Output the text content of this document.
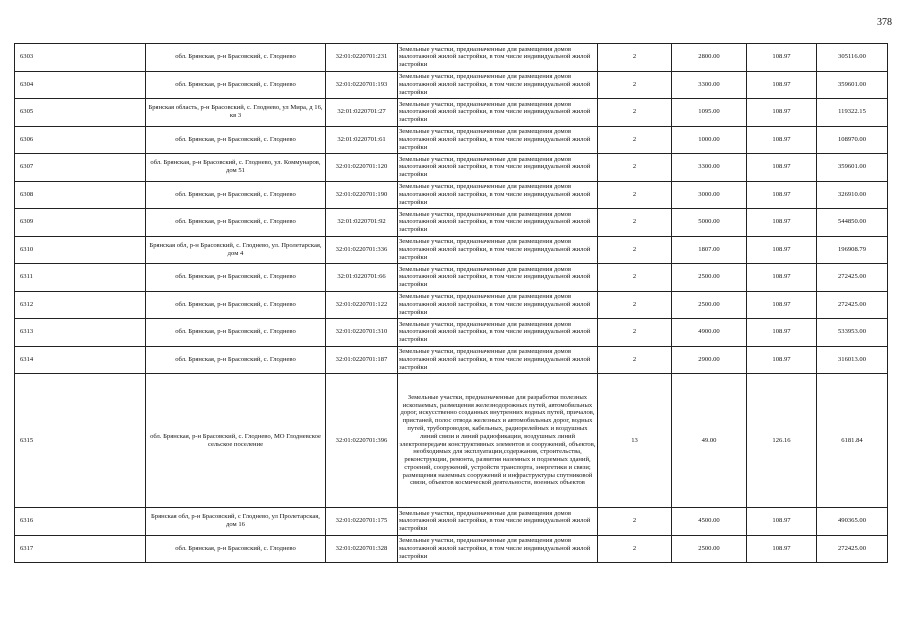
378
6303	обл. Брянская, р-н Брасовский, с. Глоднево	32:01:0220701:231	Земельные участки, предназначенные для размещения домов малоэтажной жилой застройки, в том числе индивидуальной жилой застройки	2	2800.00	108.97	305116.00
6304	обл. Брянская, р-н Брасовский, с. Глоднево	32:01:0220701:193	Земельные участки, предназначенные для размещения домов малоэтажной жилой застройки, в том числе индивидуальной жилой застройки	2	3300.00	108.97	359601.00
6305	Брянская область, р-н Брасовский, с. Глоднево, ул Мира, д 16, кв 3	32:01:0220701:27	Земельные участки, предназначенные для размещения домов малоэтажной жилой застройки, в том числе индивидуальной жилой застройки	2	1095.00	108.97	119322.15
6306	обл. Брянская, р-н Брасовский, с. Глоднево	32:01:0220701:61	Земельные участки, предназначенные для размещения домов малоэтажной жилой застройки, в том числе индивидуальной жилой застройки	2	1000.00	108.97	108970.00
6307	обл. Брянская, р-н Брасовский, с. Глоднево, ул. Коммунаров, дом 51	32:01:0220701:120	Земельные участки, предназначенные для размещения домов малоэтажной жилой застройки, в том числе индивидуальной жилой застройки	2	3300.00	108.97	359601.00
6308	обл. Брянская, р-н Брасовский, с. Глоднево	32:01:0220701:190	Земельные участки, предназначенные для размещения домов малоэтажной жилой застройки, в том числе индивидуальной жилой застройки	2	3000.00	108.97	326910.00
6309	обл. Брянская, р-н Брасовский, с. Глоднево	32:01:0220701:92	Земельные участки, предназначенные для размещения домов малоэтажной жилой застройки, в том числе индивидуальной жилой застройки	2	5000.00	108.97	544850.00
6310	Брянская обл, р-н Брасовский, с. Глодневo, ул. Пролетарская, дом 4	32:01:0220701:336	Земельные участки, предназначенные для размещения домов малоэтажной жилой застройки, в том числе индивидуальной жилой застройки	2	1807.00	108.97	196908.79
6311	обл. Брянская, р-н Брасовский, с. Глоднево	32:01:0220701:66	Земельные участки, предназначенные для размещения домов малоэтажной жилой застройки, в том числе индивидуальной жилой застройки	2	2500.00	108.97	272425.00
6312	обл. Брянская, р-н Брасовский, с. Глоднево	32:01:0220701:122	Земельные участки, предназначенные для размещения домов малоэтажной жилой застройки, в том числе индивидуальной жилой застройки	2	2500.00	108.97	272425.00
6313	обл. Брянская, р-н Брасовский, с. Глоднево	32:01:0220701:310	Земельные участки, предназначенные для размещения домов малоэтажной жилой застройки, в том числе индивидуальной жилой застройки	2	4900.00	108.97	533953.00
6314	обл. Брянская, р-н Брасовский, с. Глоднево	32:01:0220701:187	Земельные участки, предназначенные для размещения домов малоэтажной жилой застройки, в том числе индивидуальной жилой застройки	2	2900.00	108.97	316013.00
6315	обл. Брянская, р-н Брасовский, с. Глоднево, МО Глодневское сельское поселение	32:01:0220701:396	Земельные участки, предназначенные для разработки полезных ископаемых, размещения железнодорожных путей, автомобильных дорог, искусственно созданных внутренних водных путей, причалов, пристаней, полос отвода железных и автомобильных дорог, водных путей, трубопроводов, кабельных, радиорелейных и воздушных линий связи и линий радиофикации, воздушных линий электропередачи конструктивных элементов и сооружений, объектов, необходимых для эксплуатации,содержания, строительства, реконструкции, ремонта, развития наземных и подземных зданий, строений, сооружений, устройств транспорта, энергетики и связи; размещения наземных сооружений и инфраструктуры спутниковой связи, объектов космической деятельности, военных объектов	13	49.00	126.16	6181.84
6316	Брянская обл, р-н Брасовский, с Глодневo, ул Пролетарская, дом 16	32:01:0220701:175	Земельные участки, предназначенные для размещения домов малоэтажной жилой застройки, в том числе индивидуальной жилой застройки	2	4500.00	108.97	490365.00
6317	обл. Брянская, р-н Брасовский, с. Глоднево	32:01:0220701:328	Земельные участки, предназначенные для размещения домов малоэтажной жилой застройки, в том числе индивидуальной жилой застройки	2	2500.00	108.97	272425.00
